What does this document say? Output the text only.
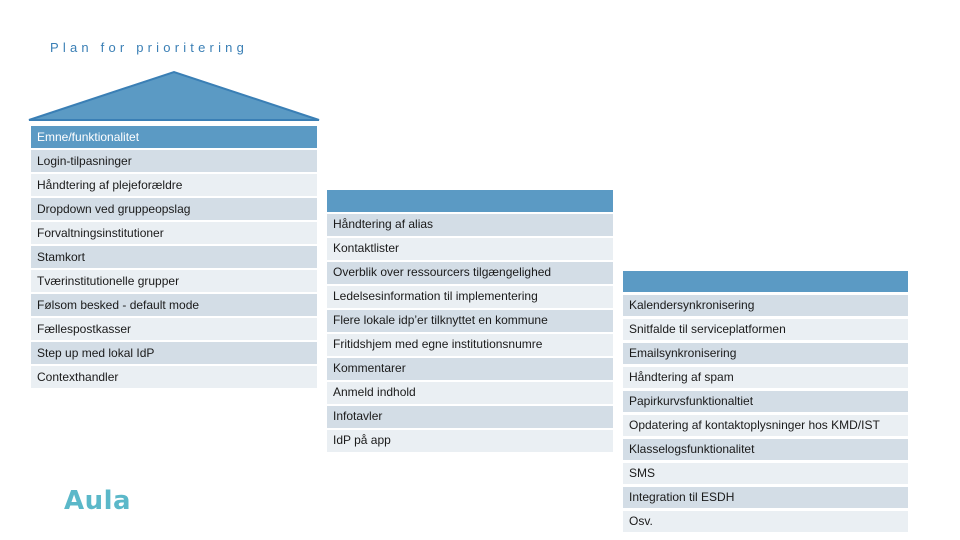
Plan for prioritering
Emne/funktionalitet
Login-tilpasninger
Håndtering af plejeforældre
Dropdown ved gruppeopslag
Forvaltningsinstitutioner
Stamkort
Tværinstitutionelle grupper
Følsom besked - default mode
Fællespostkasser
Step up med lokal IdP
Contexthandler
Håndtering af alias
Kontaktlister
Overblik over ressourcers tilgængelighed
Ledelsesinformation til implementering
Flere lokale idp’er tilknyttet en kommune
Fritidshjem med egne institutionsnumre
Kommentarer
Anmeld indhold
Infotavler
IdP på app
Kalendersynkronisering
Snitfalde til serviceplatformen
Emailsynkronisering
Håndtering af spam
Papirkurvsfunktionaltiet
Opdatering af kontaktoplysninger hos KMD/IST
Klasselogsfunktionalitet
SMS
Integration til ESDH
Osv.
Aula
